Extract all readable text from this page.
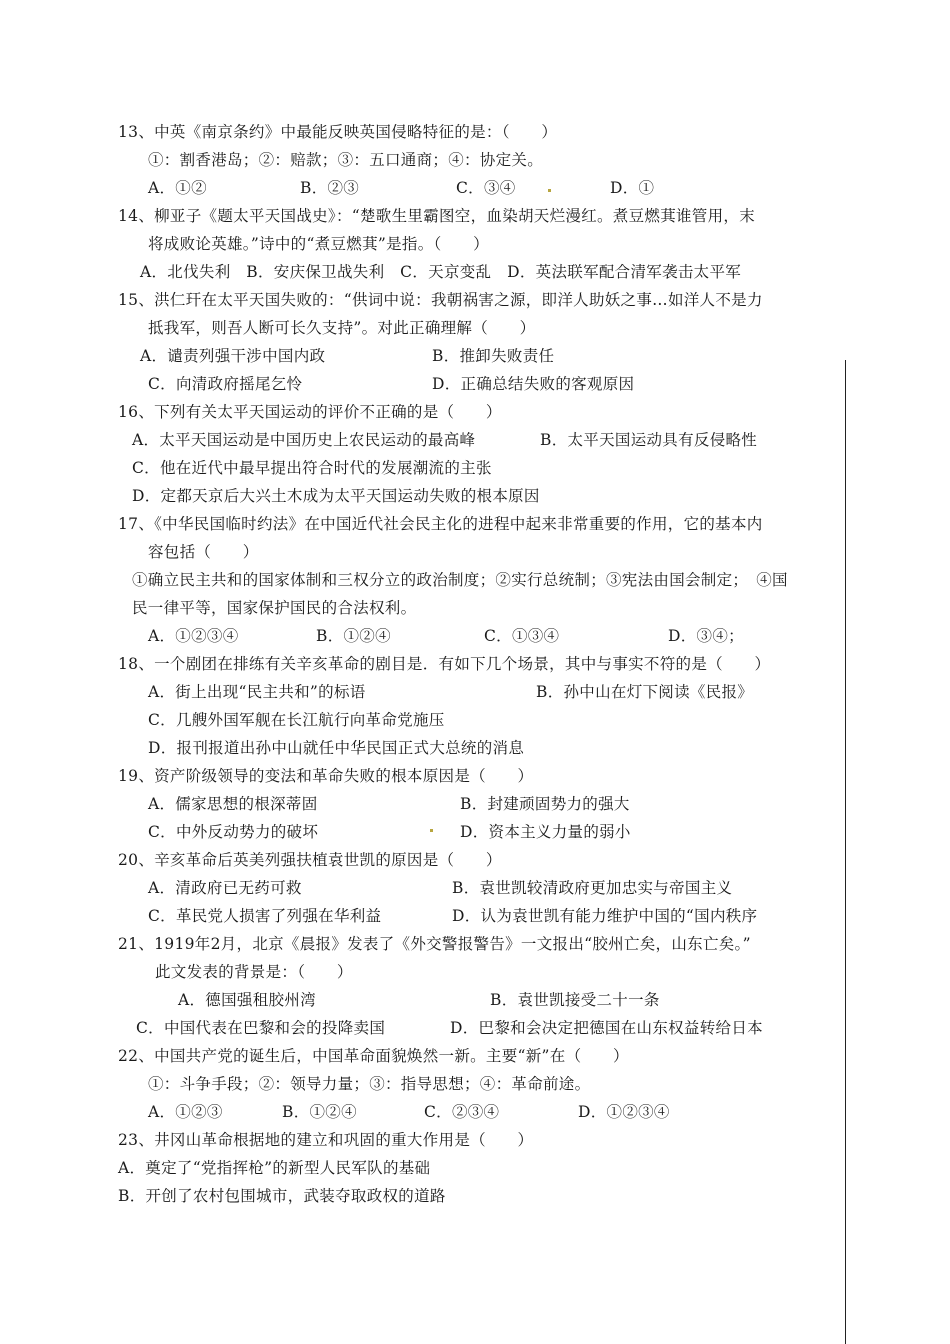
13、中英《南京条约》中最能反映英国侵略特征的是：（　　）
①：割香港岛；②：赔款；③：五口通商；④：协定关。
A．①②	B．②③	C．③④	D．①
14、柳亚子《题太平天国战史》：“楚歌生里霸图空，血染胡天烂漫红。煮豆燃萁谁管用，末
将成败论英雄。”诗中的“煮豆燃萁”是指。（　　）
A．北伐失利　B．安庆保卫战失利　C．天京变乱　D．英法联军配合清军袭击太平军
15、洪仁玕在太平天国失败的：“供词中说：我朝祸害之源，即洋人助妖之事…如洋人不是力
抵我军，则吾人断可长久支持”。对此正确理解（　　）
A．谴责列强干涉中国内政	B．推卸失败责任
C．向清政府摇尾乞怜	D．正确总结失败的客观原因
16、下列有关太平天国运动的评价不正确的是（　　）
A．太平天国运动是中国历史上农民运动的最高峰	B．太平天国运动具有反侵略性
C．他在近代中最早提出符合时代的发展潮流的主张
D．定都天京后大兴土木成为太平天国运动失败的根本原因
17、《中华民国临时约法》在中国近代社会民主化的进程中起来非常重要的作用，它的基本内
容包括（　　）
①确立民主共和的国家体制和三权分立的政治制度；②实行总统制；③宪法由国会制定；　④国
民一律平等，国家保护国民的合法权利。
A．①②③④	B．①②④	C．①③④	D．③④；
18、一个剧团在排练有关辛亥革命的剧目是．有如下几个场景，其中与事实不符的是（　　）
A．街上出现“民主共和”的标语	B．孙中山在灯下阅读《民报》
C．几艘外国军舰在长江航行向革命党施压
D．报刊报道出孙中山就任中华民国正式大总统的消息
19、资产阶级领导的变法和革命失败的根本原因是（　　）
A．儒家思想的根深蒂固	B．封建顽固势力的强大
C．中外反动势力的破坏	D．资本主义力量的弱小
20、辛亥革命后英美列强扶植袁世凯的原因是（　　）
A．清政府已无药可救	B．袁世凯较清政府更加忠实与帝国主义
C．革民党人损害了列强在华利益	D．认为袁世凯有能力维护中国的“国内秩序
21、1919年2月，北京《晨报》发表了《外交警报警告》一文报出“胶州亡矣，山东亡矣。”
此文发表的背景是：（　　）
A．德国强租胶州湾	B．袁世凯接受二十一条
C．中国代表在巴黎和会的投降卖国	D．巴黎和会决定把德国在山东权益转给日本
22、中国共产党的诞生后，中国革命面貌焕然一新。主要“新”在（　　）
①：斗争手段；②：领导力量；③：指导思想；④：革命前途。
A．①②③	B．①②④	C．②③④	D．①②③④
23、井冈山革命根据地的建立和巩固的重大作用是（　　）
A．奠定了“党指挥枪”的新型人民军队的基础
B．开创了农村包围城市，武装夺取政权的道路
